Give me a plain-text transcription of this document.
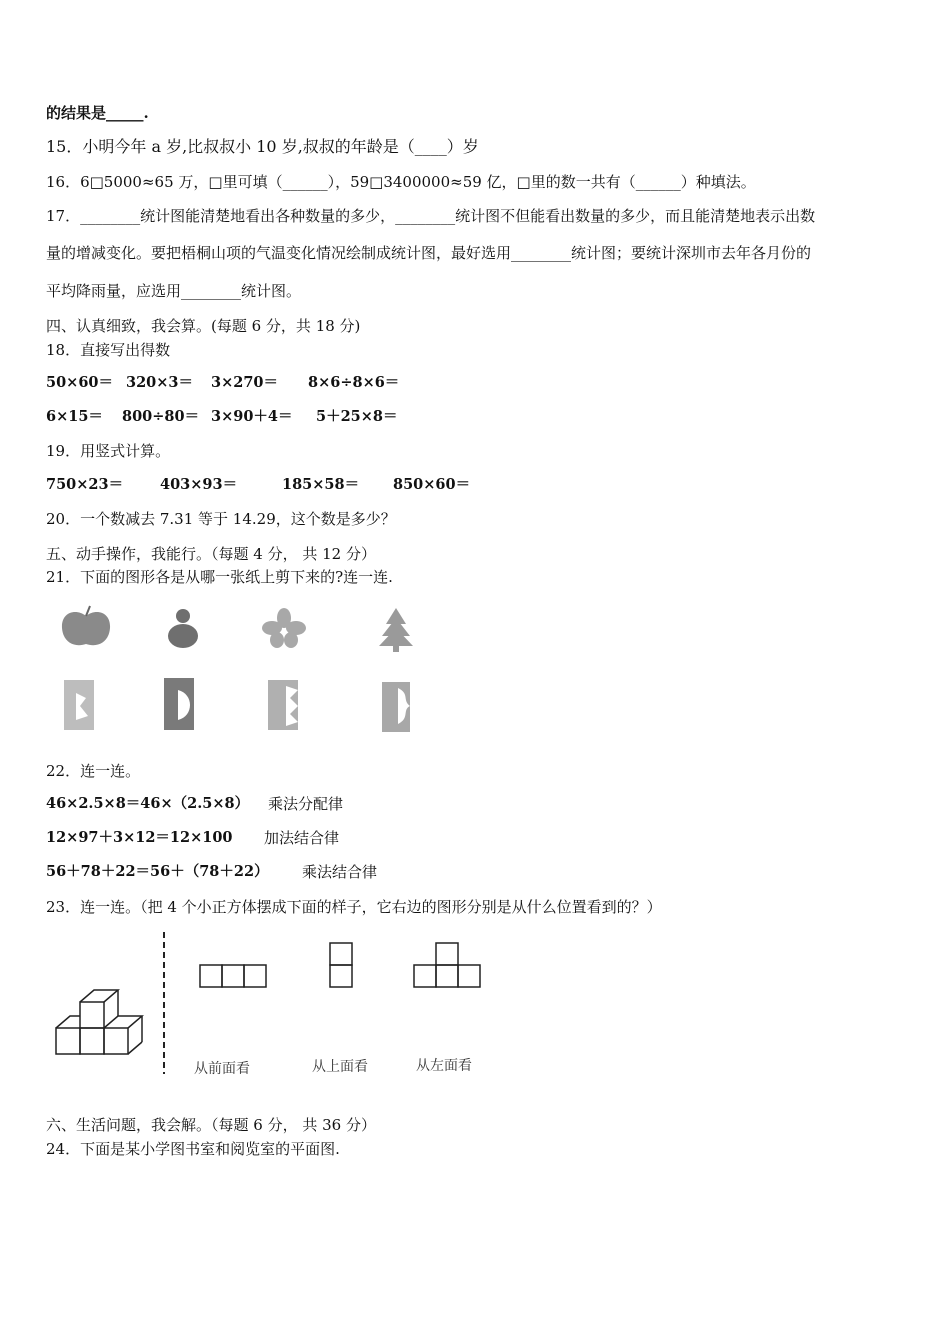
的结果是_____.
15．小明今年 a 岁,比叔叔小 10 岁,叔叔的年龄是（____）岁
16．6□5000≈65 万，□里可填（______），59□3400000≈59 亿，□里的数一共有（______）种填法。
17．________统计图能清楚地看出各种数量的多少，________统计图不但能看出数量的多少，而且能清楚地表示出数
量的增减变化。要把梧桐山项的气温变化情况绘制成统计图，最好选用________统计图；要统计深圳市去年各月份的
平均降雨量，应选用________统计图。
四、认真细致，我会算。(每题 6 分，共 18 分)
18．直接写出得数
50×60＝ 320×3＝ 3×270＝ 8×6÷8×6＝
6×15＝ 800÷80＝ 3×90＋4＝ 5＋25×8＝
19．用竖式计算。
750×23＝	403×93＝	185×58＝ 850×60＝
20．一个数减去 7.31 等于 14.29，这个数是多少？
五、动手操作，我能行。（每题 4 分， 共 12 分）
21．下面的图形各是从哪一张纸上剪下来的?连一连.
22．连一连。
46×2.5×8＝46×（2.5×8） 乘法分配律
12×97＋3×12＝12×100 加法结合律
56＋78＋22＝56＋（78＋22） 乘法结合律
23．连一连。（把 4 个小正方体摆成下面的样子，它右边的图形分别是从什么位置看到的？）
从前面看	从上面看	从左面看
六、生活问题，我会解。（每题 6 分， 共 36 分）
24．下面是某小学图书室和阅览室的平面图.
